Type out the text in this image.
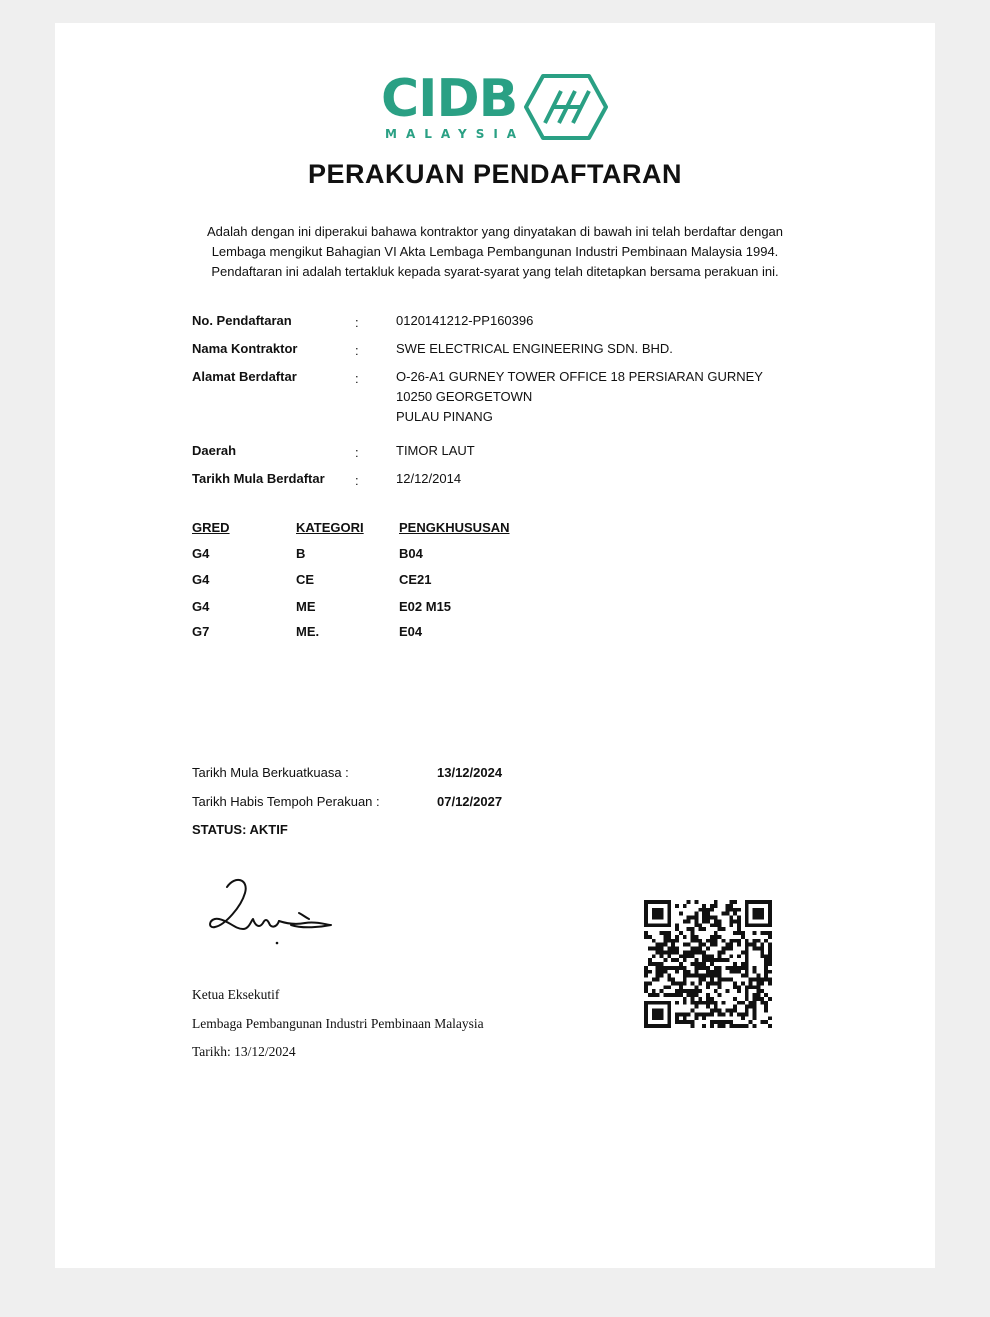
CIDB
MALAYSIA
PERAKUAN PENDAFTARAN
Adalah dengan ini diperakui bahawa kontraktor yang dinyatakan di bawah ini telah berdaftar dengan
Lembaga mengikut Bahagian VI Akta Lembaga Pembangunan Industri Pembinaan Malaysia 1994.
Pendaftaran ini adalah tertakluk kepada syarat-syarat yang telah ditetapkan bersama perakuan ini.
No. Pendaftaran	:	0120141212-PP160396
Nama Kontraktor	:	SWE ELECTRICAL ENGINEERING SDN. BHD.
Alamat Berdaftar	:	O-26-A1 GURNEY TOWER OFFICE 18 PERSIARAN GURNEY
10250 GEORGETOWN
PULAU PINANG
Daerah	:	TIMOR LAUT
Tarikh Mula Berdaftar :	12/12/2014
GRED	KATEGORI	PENGKHUSUSAN
G4	B	B04
G4	CE	CE21
G4	ME	E02 M15
G7	ME.	E04
Tarikh Mula Berkuatkuasa :	13/12/2024
Tarikh Habis Tempoh Perakuan :	07/12/2027
STATUS: AKTIF
Ketua Eksekutif
Lembaga Pembangunan Industri Pembinaan Malaysia
Tarikh: 13/12/2024
